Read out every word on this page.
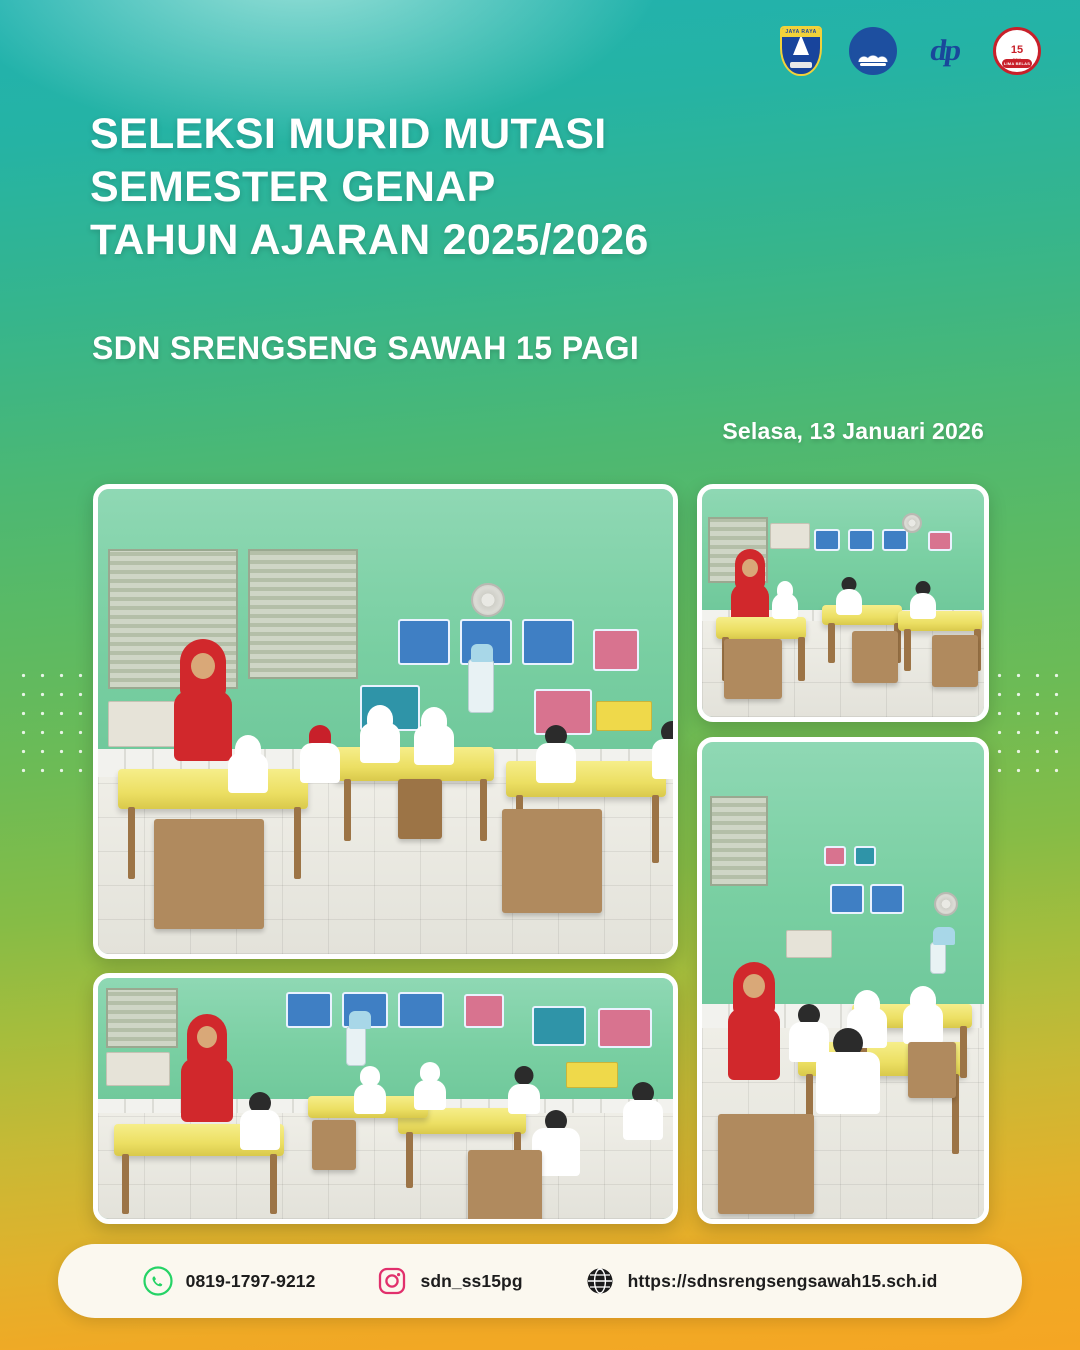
JAYA RAYA
dp	15
LIMA BELAS
SELEKSI MURID MUTASI
SEMESTER GENAP
TAHUN AJARAN 2025/2026
SDN SRENGSENG SAWAH 15 PAGI
Selasa, 13 Januari 2026
0819-1797-9212	sdn_ss15pg	https://sdnsrengsengsawah15.sch.id
